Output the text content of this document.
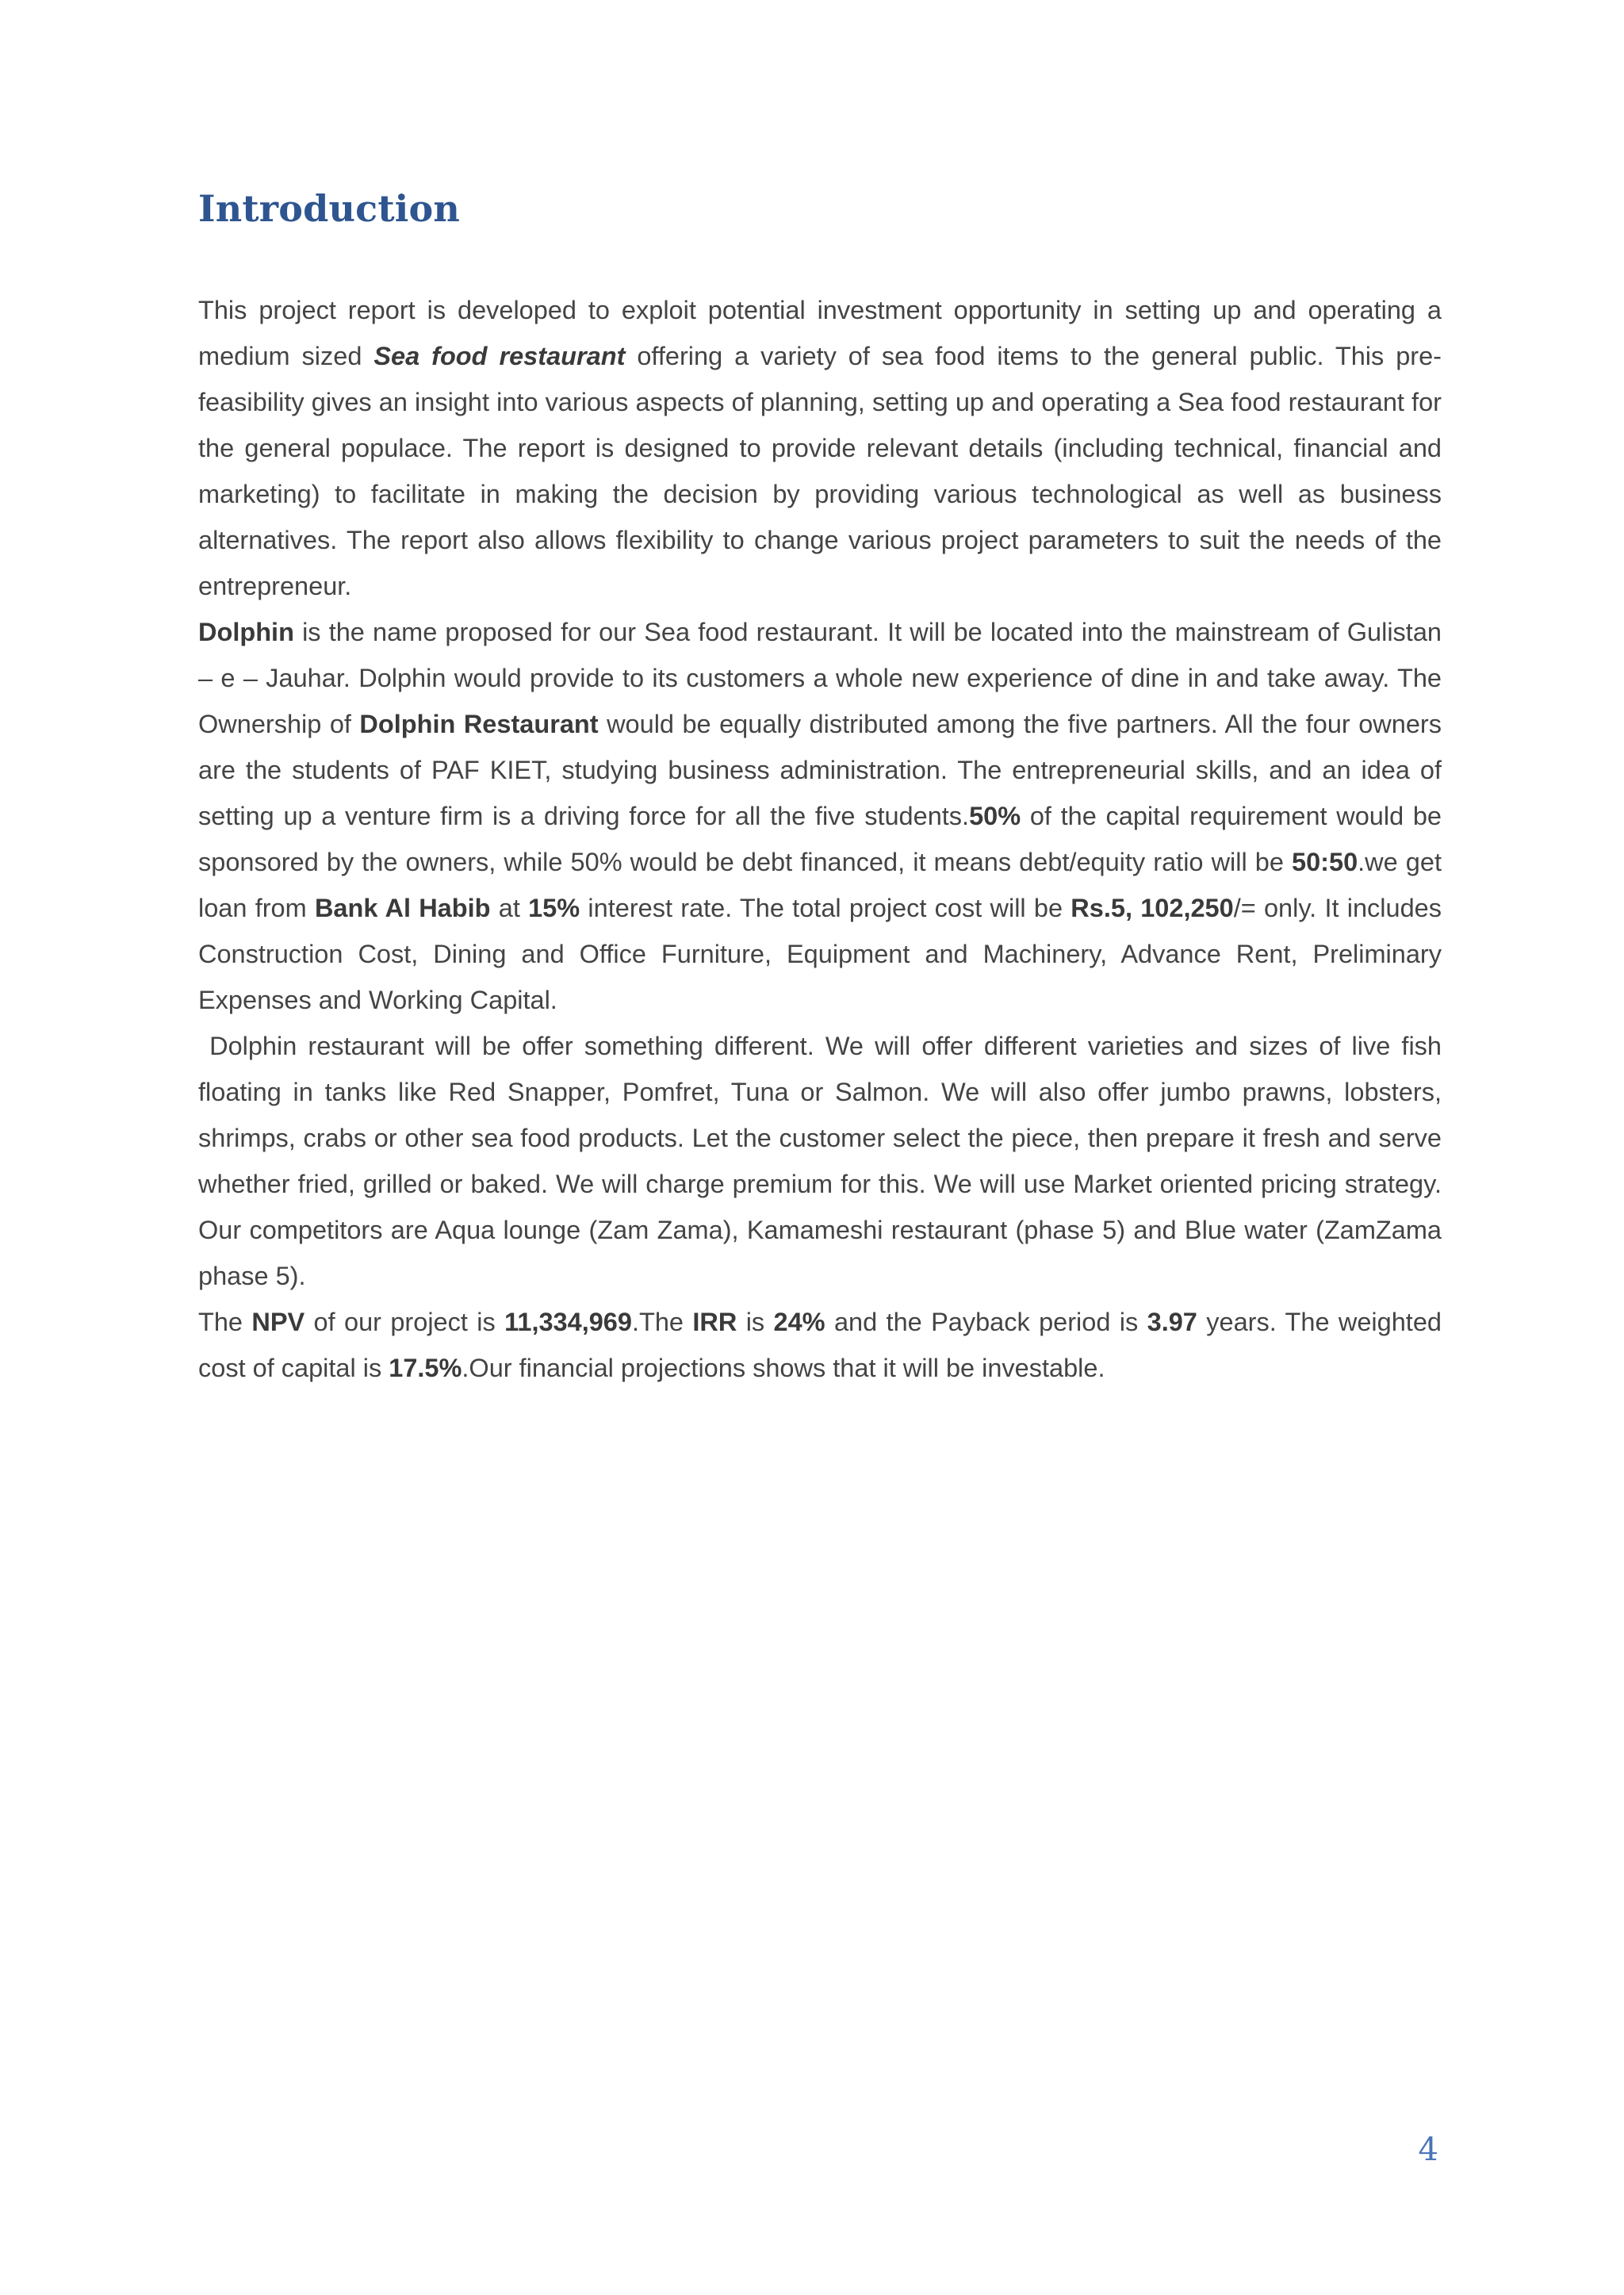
Introduction

This project report is developed to exploit potential investment opportunity in setting up and operating a medium sized Sea food restaurant offering a variety of sea food items to the general public. This pre-feasibility gives an insight into various aspects of planning, setting up and operating a Sea food restaurant for the general populace. The report is designed to provide relevant details (including technical, financial and marketing) to facilitate in making the decision by providing various technological as well as business alternatives. The report also allows flexibility to change various project parameters to suit the needs of the entrepreneur.

Dolphin is the name proposed for our Sea food restaurant. It will be located into the mainstream of Gulistan – e – Jauhar. Dolphin would provide to its customers a whole new experience of dine in and take away. The Ownership of Dolphin Restaurant would be equally distributed among the five partners. All the four owners are the students of PAF KIET, studying business administration. The entrepreneurial skills, and an idea of setting up a venture firm is a driving force for all the five students.50% of the capital requirement would be sponsored by the owners, while 50% would be debt financed, it means debt/equity ratio will be 50:50.we get loan from Bank Al Habib at 15% interest rate. The total project cost will be Rs.5, 102,250/= only. It includes Construction Cost, Dining and Office Furniture, Equipment and Machinery, Advance Rent, Preliminary Expenses and Working Capital.

Dolphin restaurant will be offer something different. We will offer different varieties and sizes of live fish floating in tanks like Red Snapper, Pomfret, Tuna or Salmon. We will also offer jumbo prawns, lobsters, shrimps, crabs or other sea food products. Let the customer select the piece, then prepare it fresh and serve whether fried, grilled or baked. We will charge premium for this. We will use Market oriented pricing strategy. Our competitors are Aqua lounge (Zam Zama), Kamameshi restaurant (phase 5) and Blue water (ZamZama phase 5).

The NPV of our project is 11,334,969.The IRR is 24% and the Payback period is 3.97 years. The weighted cost of capital is 17.5%.Our financial projections shows that it will be investable.

4
